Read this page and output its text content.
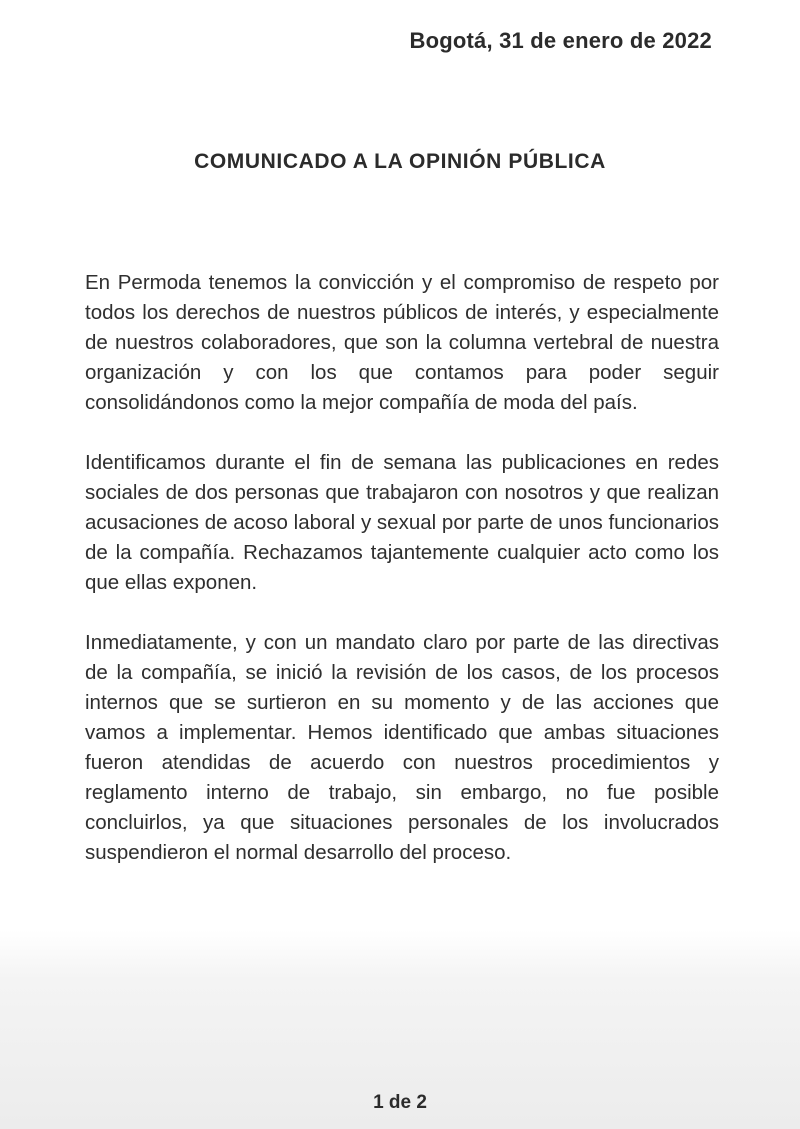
Bogotá, 31 de enero de 2022
COMUNICADO A LA OPINIÓN PÚBLICA

En Permoda tenemos la convicción y el compromiso de respeto por todos los derechos de nuestros públicos de interés, y especialmente de nuestros colaboradores, que son la columna vertebral de nuestra organización y con los que contamos para poder seguir consolidándonos como la mejor compañía de moda del país.

Identificamos durante el fin de semana las publicaciones en redes sociales de dos personas que trabajaron con nosotros y que realizan acusaciones de acoso laboral y sexual por parte de unos funcionarios de la compañía. Rechazamos tajantemente cualquier acto como los que ellas exponen.

Inmediatamente, y con un mandato claro por parte de las directivas de la compañía, se inició la revisión de los casos, de los procesos internos que se surtieron en su momento y de las acciones que vamos a implementar. Hemos identificado que ambas situaciones fueron atendidas de acuerdo con nuestros procedimientos y reglamento interno de trabajo, sin embargo, no fue posible concluirlos, ya que situaciones personales de los involucrados suspendieron el normal desarrollo del proceso.

1 de 2
